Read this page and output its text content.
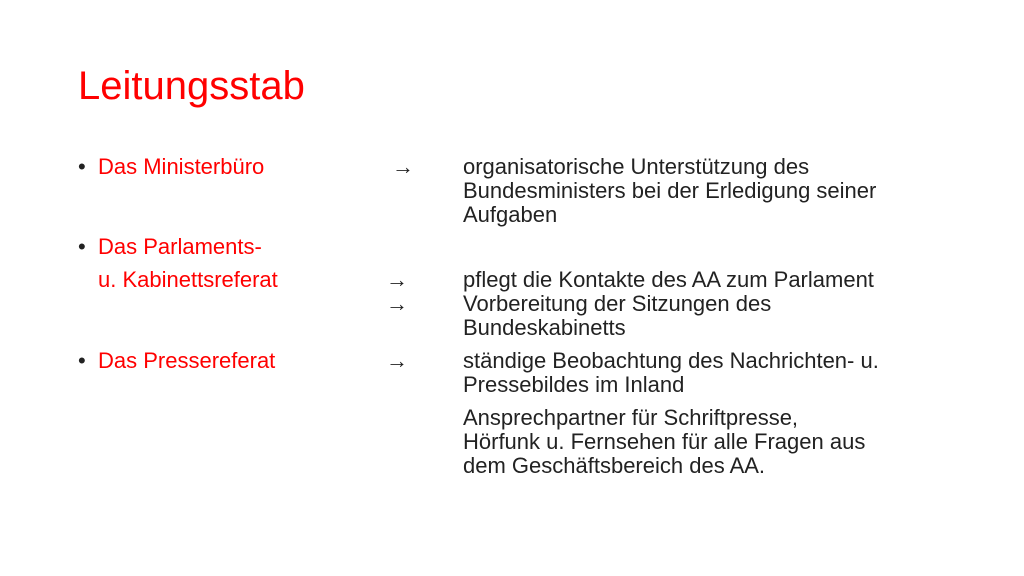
Leitungsstab
• Das Ministerbüro	→ organisatorische Unterstützung des
Bundesministers bei der Erledigung seiner
Aufgaben
• Das Parlaments-
u. Kabinettsreferat	→	pflegt die Kontakte des AA zum Parlament
→	Vorbereitung der Sitzungen des
Bundeskabinetts
• Das Pressereferat	→	ständige Beobachtung des Nachrichten- u.
Pressebildes im Inland
Ansprechpartner für Schriftpresse,
Hörfunk u. Fernsehen für alle Fragen aus
dem Geschäftsbereich des AA.
